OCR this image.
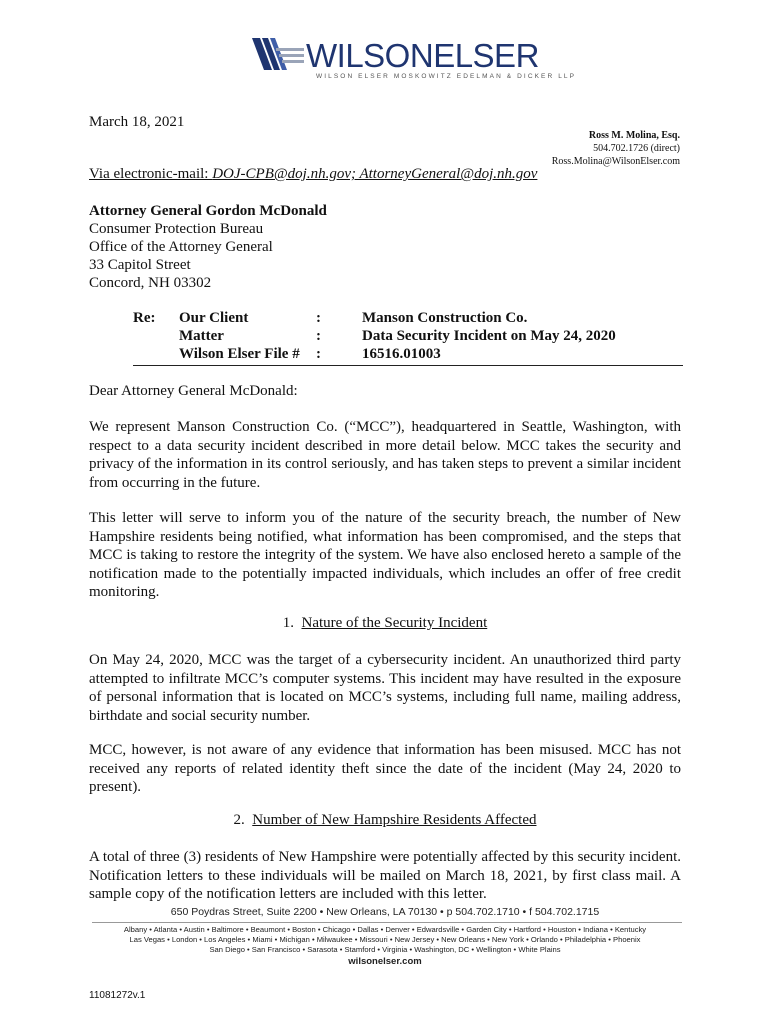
WILSONELSER
WILSON ELSER MOSKOWITZ EDELMAN & DICKER LLP
March 18, 2021
Ross M. Molina, Esq.
504.702.1726 (direct)
Ross.Molina@WilsonElser.com
Via electronic-mail: DOJ-CPB@doj.nh.gov; AttorneyGeneral@doj.nh.gov
Attorney General Gordon McDonald
Consumer Protection Bureau
Office of the Attorney General
33 Capitol Street
Concord, NH 03302
Re: Our Client	:	Manson Construction Co.
Matter	:	Data Security Incident on May 24, 2020
Wilson Elser File # :	16516.01003
Dear Attorney General McDonald:
We represent Manson Construction Co. (“MCC”), headquartered in Seattle, Washington, with respect to a data security incident described in more detail below. MCC takes the security and privacy of the information in its control seriously, and has taken steps to prevent a similar incident from occurring in the future.
This letter will serve to inform you of the nature of the security breach, the number of New Hampshire residents being notified, what information has been compromised, and the steps that MCC is taking to restore the integrity of the system. We have also enclosed hereto a sample of the notification made to the potentially impacted individuals, which includes an offer of free credit monitoring.
1. Nature of the Security Incident
On May 24, 2020, MCC was the target of a cybersecurity incident. An unauthorized third party attempted to infiltrate MCC’s computer systems. This incident may have resulted in the exposure of personal information that is located on MCC’s systems, including full name, mailing address, birthdate and social security number.
MCC, however, is not aware of any evidence that information has been misused. MCC has not received any reports of related identity theft since the date of the incident (May 24, 2020 to present).
2. Number of New Hampshire Residents Affected
A total of three (3) residents of New Hampshire were potentially affected by this security incident. Notification letters to these individuals will be mailed on March 18, 2021, by first class mail. A sample copy of the notification letters are included with this letter.
650 Poydras Street, Suite 2200 • New Orleans, LA 70130 • p 504.702.1710 • f 504.702.1715
Albany • Atlanta • Austin • Baltimore • Beaumont • Boston • Chicago • Dallas • Denver • Edwardsville • Garden City • Hartford • Houston • Indiana • Kentucky
Las Vegas • London • Los Angeles • Miami • Michigan • Milwaukee • Missouri • New Jersey • New Orleans • New York • Orlando • Philadelphia • Phoenix
San Diego • San Francisco • Sarasota • Stamford • Virginia • Washington, DC • Wellington • White Plains
wilsonelser.com
11081272v.1
